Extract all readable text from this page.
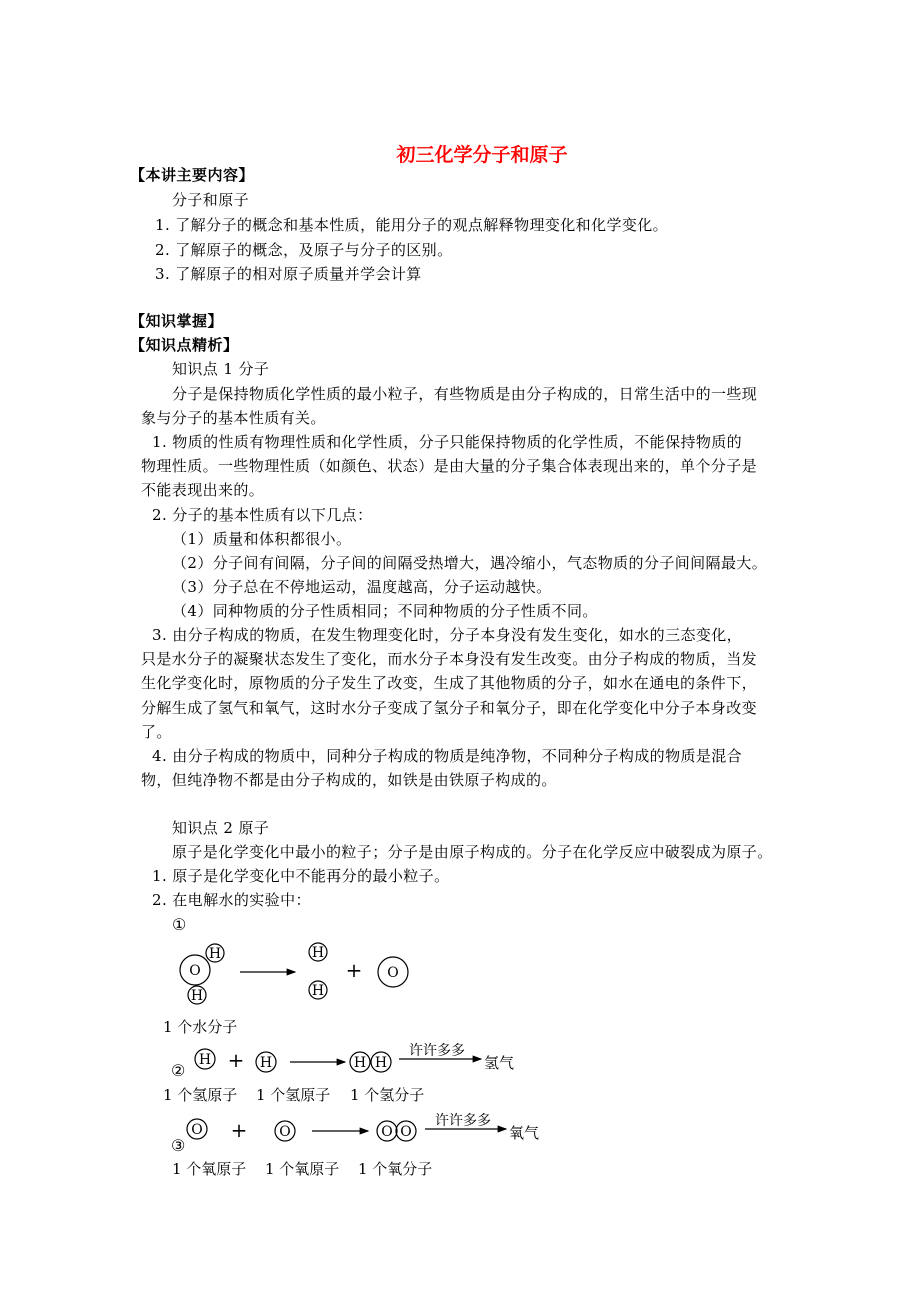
初三化学分子和原子
【本讲主要内容】
分子和原子
1. 了解分子的概念和基本性质，能用分子的观点解释物理变化和化学变化。
2. 了解原子的概念，及原子与分子的区别。
3. 了解原子的相对原子质量并学会计算
【知识掌握】
【知识点精析】
知识点 1 分子
分子是保持物质化学性质的最小粒子，有些物质是由分子构成的，日常生活中的一些现
象与分子的基本性质有关。
1. 物质的性质有物理性质和化学性质，分子只能保持物质的化学性质，不能保持物质的
物理性质。一些物理性质（如颜色、状态）是由大量的分子集合体表现出来的，单个分子是
不能表现出来的。
2. 分子的基本性质有以下几点：
（1）质量和体积都很小。
（2）分子间有间隔，分子间的间隔受热增大，遇冷缩小，气态物质的分子间间隔最大。
（3）分子总在不停地运动，温度越高，分子运动越快。
（4）同种物质的分子性质相同；不同种物质的分子性质不同。
3. 由分子构成的物质，在发生物理变化时，分子本身没有发生变化，如水的三态变化，
只是水分子的凝聚状态发生了变化，而水分子本身没有发生改变。由分子构成的物质，当发
生化学变化时，原物质的分子发生了改变，生成了其他物质的分子，如水在通电的条件下，
分解生成了氢气和氧气，这时水分子变成了氢分子和氧分子，即在化学变化中分子本身改变
了。
4. 由分子构成的物质中，同种分子构成的物质是纯净物，不同种分子构成的物质是混合
物，但纯净物不都是由分子构成的，如铁是由铁原子构成的。
知识点 2 原子
原子是化学变化中最小的粒子；分子是由原子构成的。分子在化学反应中破裂成为原子。
1. 原子是化学变化中不能再分的最小粒子。
2. 在电解水的实验中：
①
O
H
H
H
H
+ O
1 个水分子
②
H + H	H H
许许多多
氢气
1 个氢原子 1 个氢原子 1 个氢分子
③
O + O	O O
许许多多
氧气
1 个氧原子 1 个氧原子 1 个氧分子
